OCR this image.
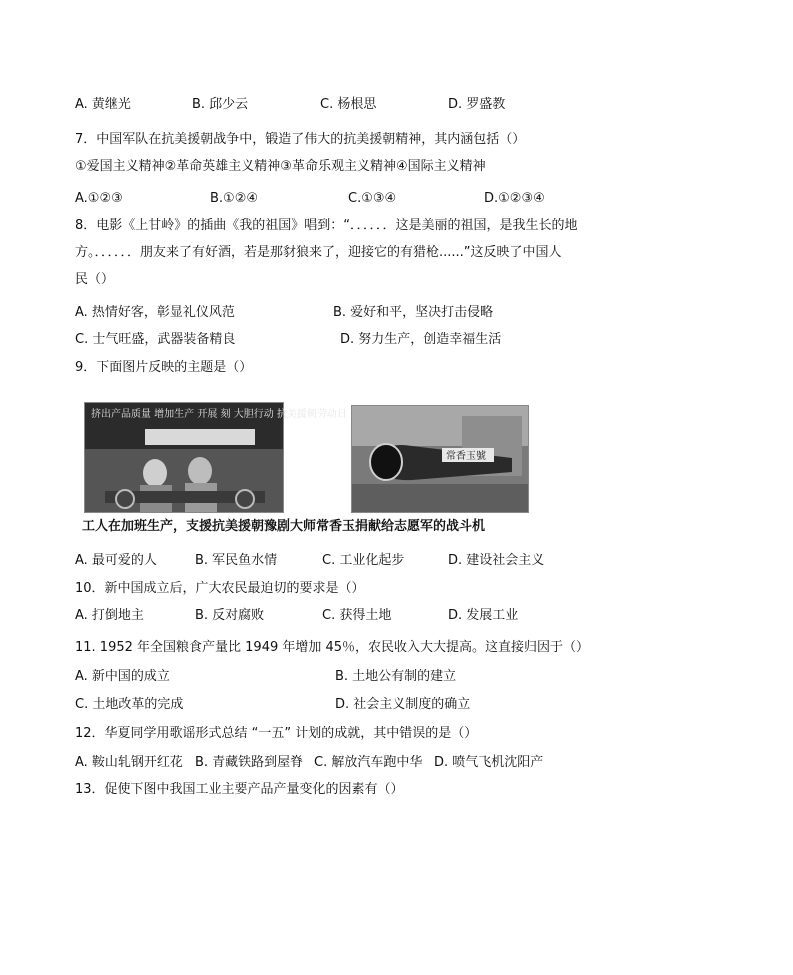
A. 黄继光	B. 邱少云	C. 杨根思	D. 罗盛教
7．中国军队在抗美援朝战争中，锻造了伟大的抗美援朝精神，其内涵包括（）
①爱国主义精神②革命英雄主义精神③革命乐观主义精神④国际主义精神
A.①②③	B.①②④	C.①③④	D.①②③④
8．电影《上甘岭》的插曲《我的祖国》唱到：“．．．．．．这是美丽的祖国，是我生长的地
方。．．．．．．朋友来了有好酒，若是那豺狼来了，迎接它的有猎枪......”这反映了中国人
民（）
A. 热情好客，彰显礼仪风范	B. 爱好和平，坚决打击侵略
C. 士气旺盛，武器装备精良	D. 努力生产，创造幸福生活
9．下面图片反映的主题是（）
挤出产品质量 增加生产 开展 刻 大胆行动 抗美援朝劳动日
常香玉號
工人在加班生产，支援抗美援朝豫剧大师常香玉捐献给志愿军的战斗机
A. 最可爱的人	B. 军民鱼水情	C. 工业化起步	D. 建设社会主义
10．新中国成立后，广大农民最迫切的要求是（）
A. 打倒地主	B. 反对腐败	C. 获得土地	D. 发展工业
11. 1952 年全国粮食产量比 1949 年增加 45％，农民收入大大提高。这直接归因于（）
A. 新中国的成立	B. 土地公有制的建立
C. 土地改革的完成	D. 社会主义制度的确立
12．华夏同学用歌谣形式总结 “一五” 计划的成就，其中错误的是（）
A. 鞍山轧钢开红花 B. 青藏铁路到屋脊 C. 解放汽车跑中华 D. 喷气飞机沈阳产
13．促使下图中我国工业主要产品产量变化的因素有（）
